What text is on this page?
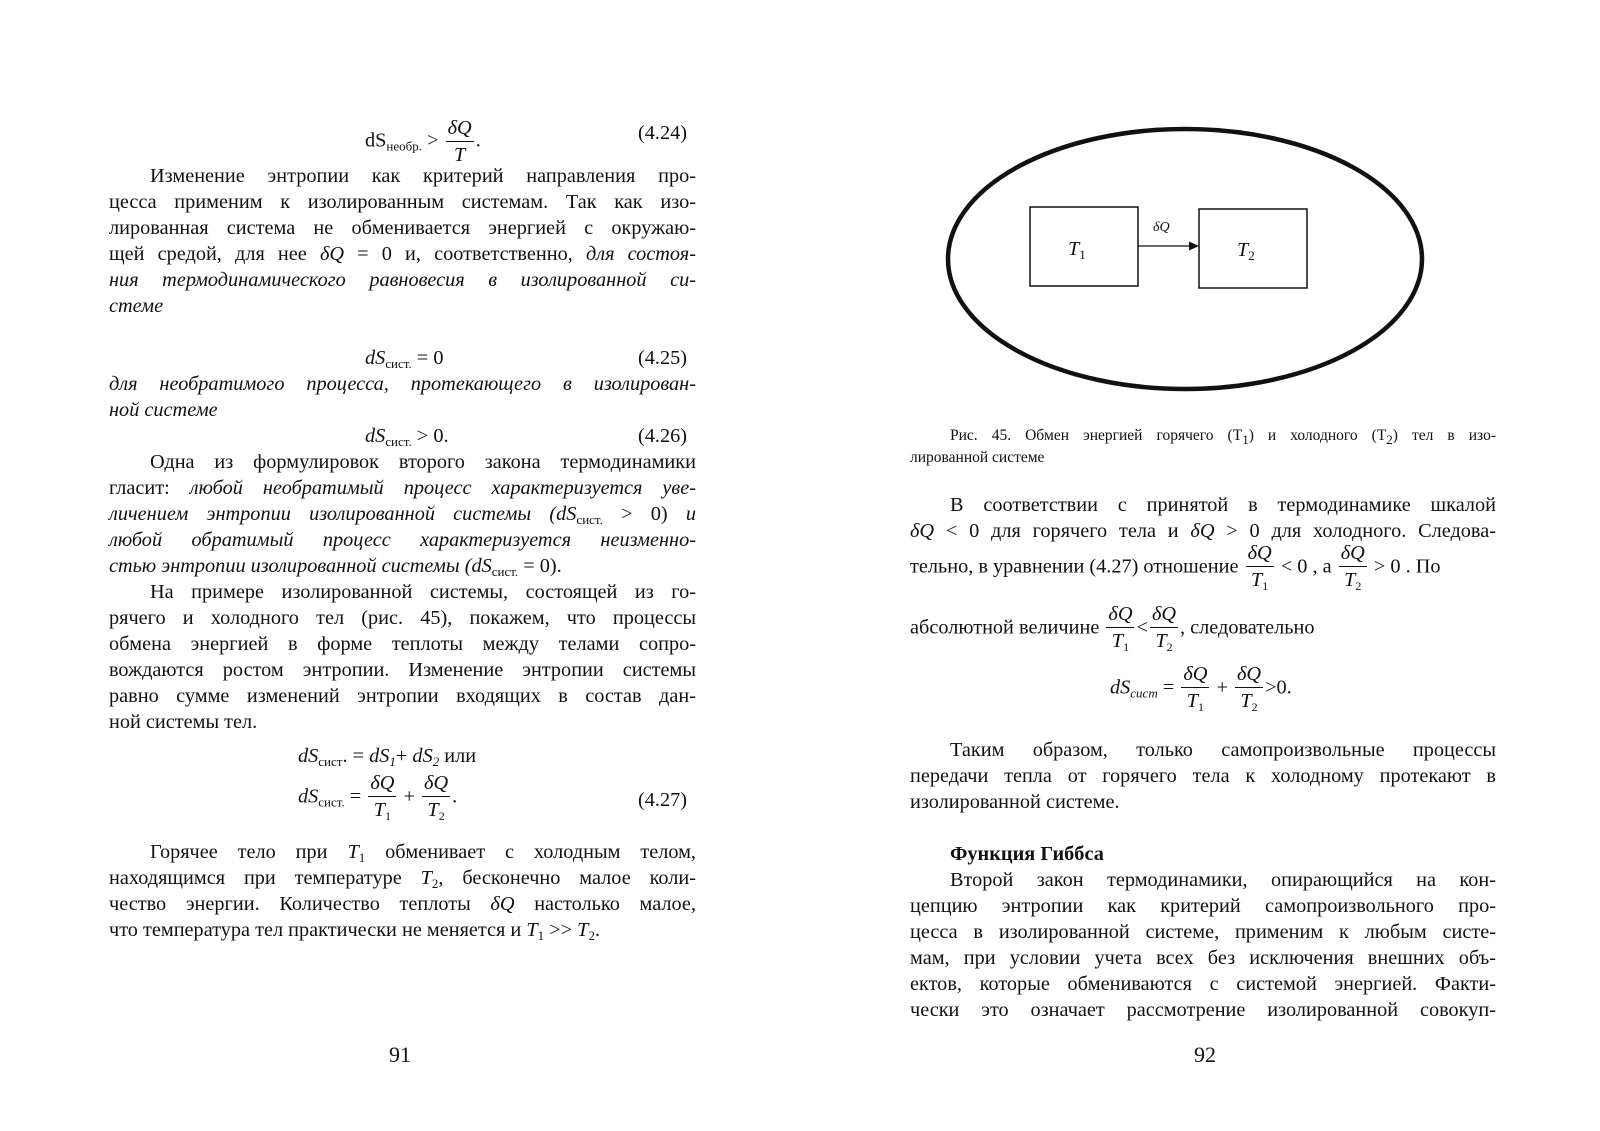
$dS_{необр.} > \frac{\delta Q}{T}$ .	(4.24)
Изменение энтропии как критерий направления про-
цесса применим к изолированным системам. Так как изо-
лированная система не обменивается энергией с окружаю-
щей средой, для нее δQ = 0 и, соответственно, для состоя-
ния термодинамического равновесия в изолированной си-
стеме
$dS_{сист.} = 0$	(4.25)
для необратимого процесса, протекающего в изолирован-
ной системе
$dS_{сист.} > 0$.	(4.26)
Одна из формулировок второго закона термодинамики
гласит: любой необратимый процесс характеризуется уве-
личением энтропии изолированной системы $(dS_{сист.} > 0)$ и
любой обратимый процесс характеризуется неизменно-
стью энтропии изолированной системы $(dS_{сист.} = 0)$.
На примере изолированной системы, состоящей из го-
рячего и холодного тел (рис. 45), покажем, что процессы
обмена энергией в форме теплоты между телами сопро-
вождаются ростом энтропии. Изменение энтропии системы
равно сумме изменений энтропии входящих в состав дан-
ной системы тел.
$dS_{сист}$. = dS1+ dS2 или
$dS_{сист.} = \frac{\delta Q}{T1} + \frac{\delta Q}{T2}$ .	(4.27)
Горячее тело при $T_1$ обменивает с холодным телом,
находящимся при температуре $T_2$, бесконечно малое коли-
чество энергии. Количество теплоты δQ настолько малое,
что температура тел практически не меняется и $T_1 >> T_2$.
91
$T_1$	$T_2$
δQ
Рис. 45. Обмен энергией горячего $(T_1)$ и холодного $(T_2)$ тел в изо-
лированной системе
В соответствии с принятой в термодинамике шкалой
δQ < 0 для горячего тела и δQ > 0 для холодного. Следова-
тельно, в уравнении (4.27) отношение $\frac{\delta Q}{T1} < 0$ , а $\frac{\delta Q}{T2} > 0$ . По
абсолютной величине $\frac{\delta Q}{T1} < \frac{\delta Q}{T2}$ , следовательно
dSсист = $\frac{\delta Q}{T1} + \frac{\delta Q}{T2} >0$.
Таким образом, только самопроизвольные процессы
передачи тепла от горячего тела к холодному протекают в
изолированной системе.
Функция Гиббса
Второй закон термодинамики, опирающийся на кон-
цепцию энтропии как критерий самопроизвольного про-
цесса в изолированной системе, применим к любым систе-
мам, при условии учета всех без исключения внешних объ-
ектов, которые обмениваются с системой энергией. Факти-
чески это означает рассмотрение изолированной совокуп-
92
